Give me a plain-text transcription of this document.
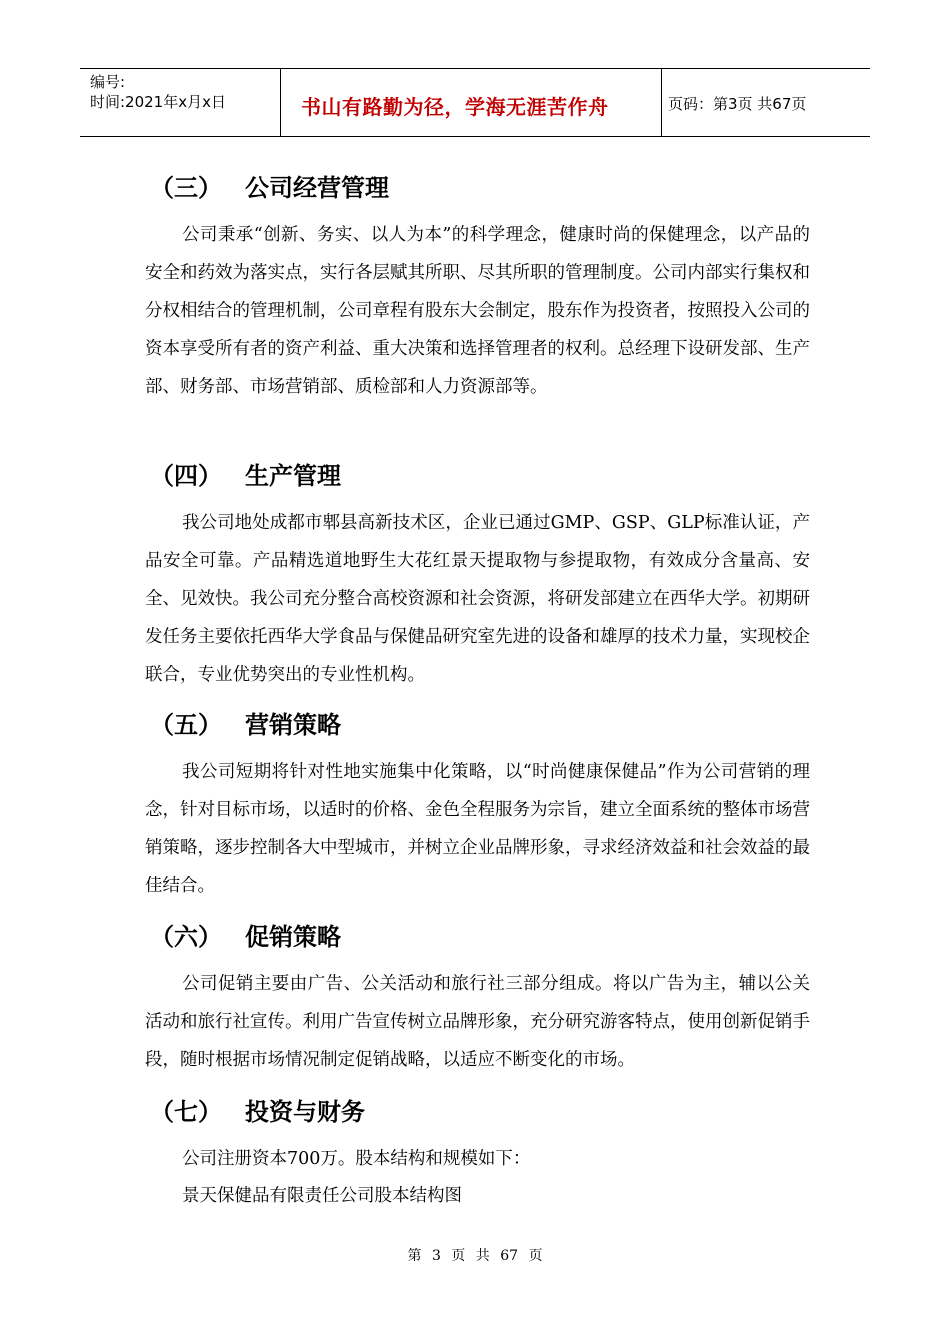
编号:
时间:2021年x月x日	书山有路勤为径，学海无涯苦作舟	页码：第3页 共67页
（三） 公司经营管理
公司秉承“创新、务实、以人为本”的科学理念，健康时尚的保健理念，以产品的安全和药效为落实点，实行各层赋其所职、尽其所职的管理制度。公司内部实行集权和分权相结合的管理机制，公司章程有股东大会制定，股东作为投资者，按照投入公司的资本享受所有者的资产利益、重大决策和选择管理者的权利。总经理下设研发部、生产部、财务部、市场营销部、质检部和人力资源部等。
（四） 生产管理
我公司地处成都市郫县高新技术区，企业已通过GMP、GSP、GLP标准认证，产品安全可靠。产品精选道地野生大花红景天提取物与参提取物，有效成分含量高、安全、见效快。我公司充分整合高校资源和社会资源，将研发部建立在西华大学。初期研发任务主要依托西华大学食品与保健品研究室先进的设备和雄厚的技术力量，实现校企联合，专业优势突出的专业性机构。
（五） 营销策略
我公司短期将针对性地实施集中化策略，以“时尚健康保健品”作为公司营销的理念，针对目标市场，以适时的价格、金色全程服务为宗旨，建立全面系统的整体市场营销策略，逐步控制各大中型城市，并树立企业品牌形象，寻求经济效益和社会效益的最佳结合。
（六） 促销策略
公司促销主要由广告、公关活动和旅行社三部分组成。将以广告为主，辅以公关活动和旅行社宣传。利用广告宣传树立品牌形象，充分研究游客特点，使用创新促销手段，随时根据市场情况制定促销战略，以适应不断变化的市场。
（七） 投资与财务
公司注册资本700万。股本结构和规模如下：
景天保健品有限责任公司股本结构图
第 3 页 共 67 页
